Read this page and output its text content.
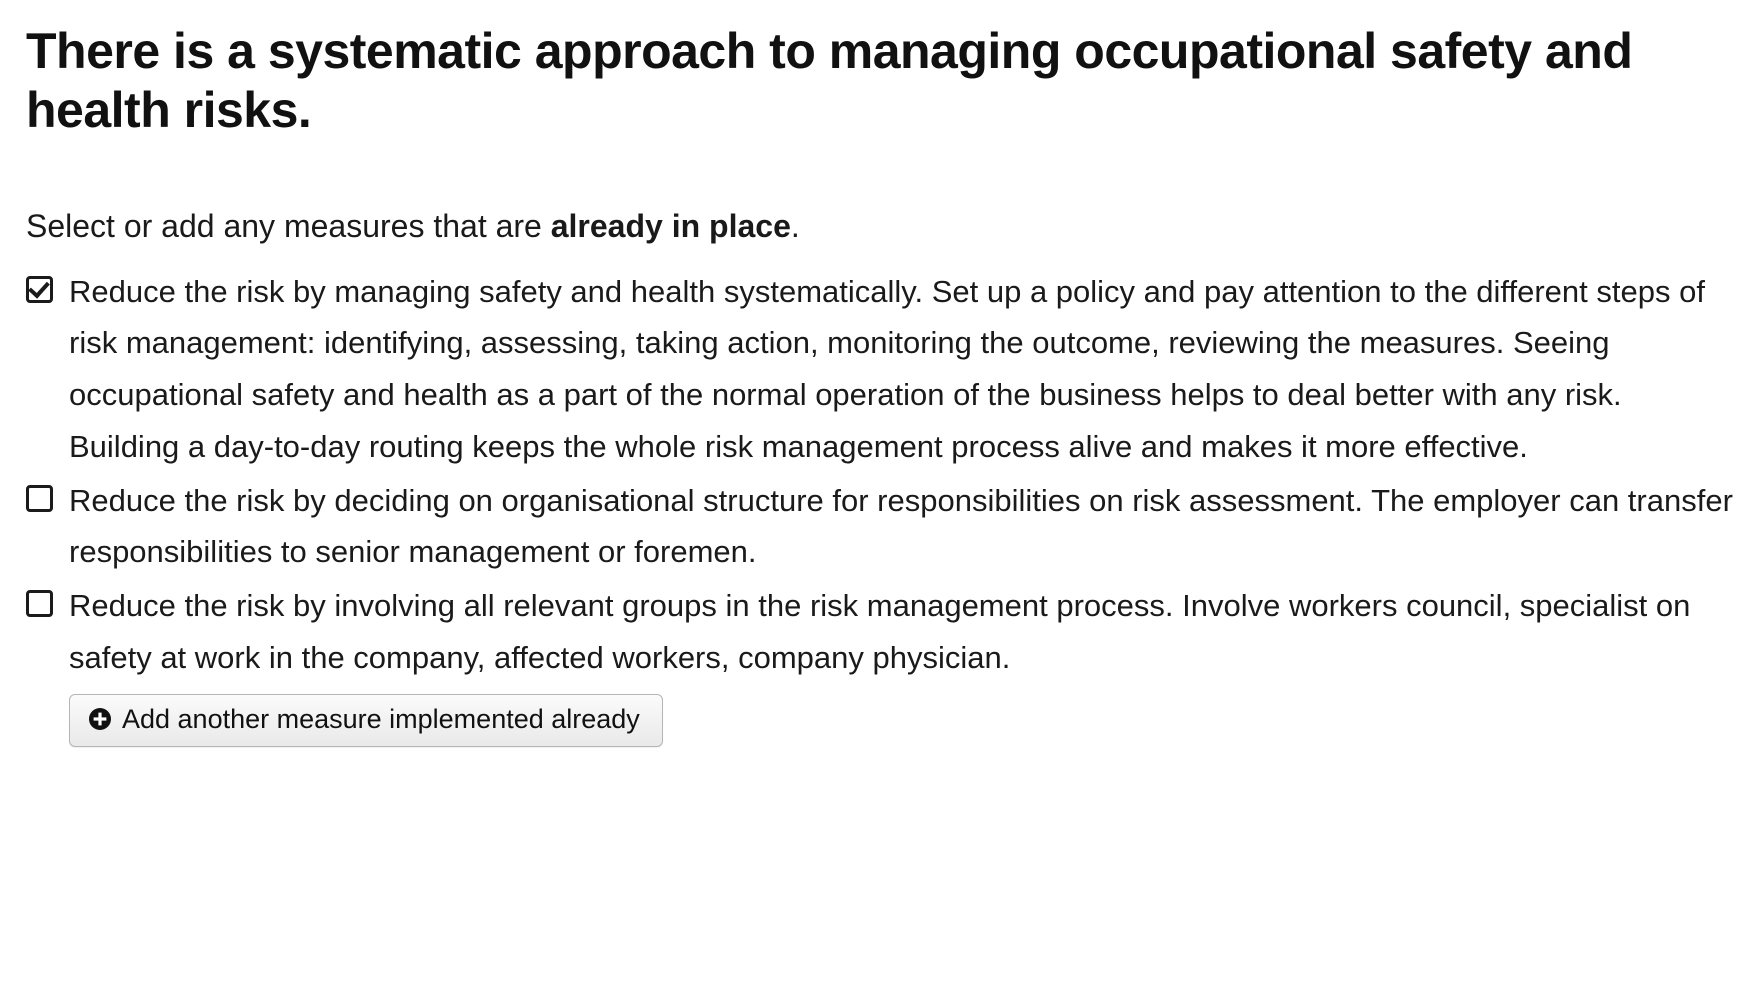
There is a systematic approach to managing occupational safety and health risks.

Select or add any measures that are already in place.

Reduce the risk by managing safety and health systematically. Set up a policy and pay attention to the different steps of risk management: identifying, assessing, taking action, monitoring the outcome, reviewing the measures. Seeing occupational safety and health as a part of the normal operation of the business helps to deal better with any risk. Building a day-to-day routing keeps the whole risk management process alive and makes it more effective.
Reduce the risk by deciding on organisational structure for responsibilities on risk assessment. The employer can transfer responsibilities to senior management or foremen.
Reduce the risk by involving all relevant groups in the risk management process. Involve workers council, specialist on safety at work in the company, affected workers, company physician.
Add another measure implemented already
